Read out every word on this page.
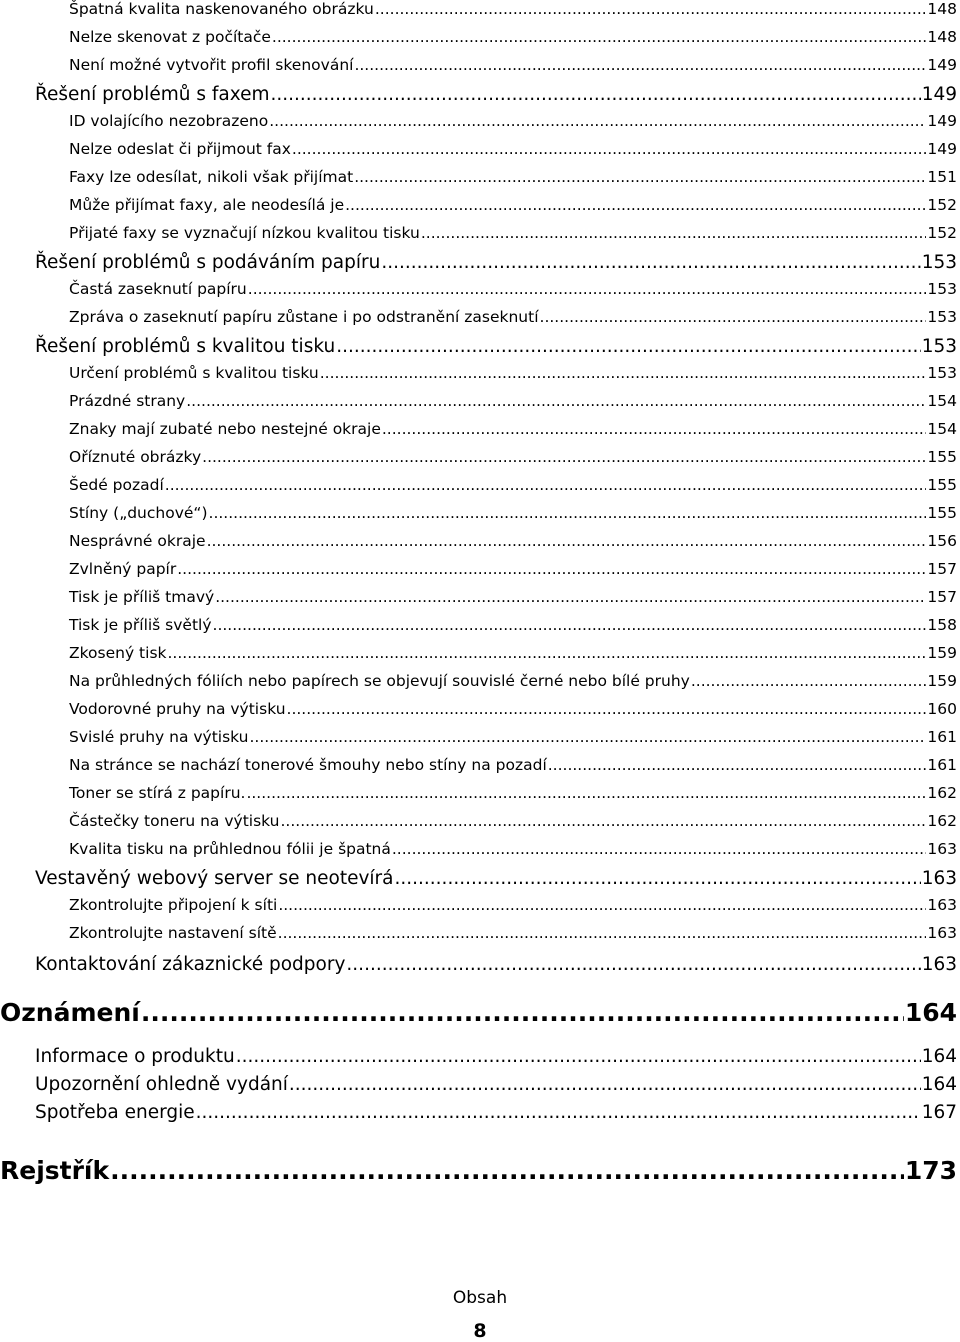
Špatná kvalita naskenovaného obrázku .....	148
Nelze skenovat z počítače .....	148
Není možné vytvořit profil skenování .....	149
Řešení problémů s faxem .....	149
ID volajícího nezobrazeno .....	149
Nelze odeslat či přijmout fax .....	149
Faxy lze odesílat, nikoli však přijímat .....	151
Může přijímat faxy, ale neodesílá je .....	152
Přijaté faxy se vyznačují nízkou kvalitou tisku .....	152
Řešení problémů s podáváním papíru .....	153
Častá zaseknutí papíru .....	153
Zpráva o zaseknutí papíru zůstane i po odstranění zaseknutí .....	153
Řešení problémů s kvalitou tisku .....	153
Určení problémů s kvalitou tisku .....	153
Prázdné strany .....	154
Znaky mají zubaté nebo nestejné okraje .....	154
Oříznuté obrázky .....	155
Šedé pozadí .....	155
Stíny („duchové“) .....	155
Nesprávné okraje .....	156
Zvlněný papír .....	157
Tisk je příliš tmavý .....	157
Tisk je příliš světlý .....	158
Zkosený tisk .....	159
Na průhledných fóliích nebo papírech se objevují souvislé černé nebo bílé pruhy .....	159
Vodorovné pruhy na výtisku .....	160
Svislé pruhy na výtisku .....	161
Na stránce se nachází tonerové šmouhy nebo stíny na pozadí .....	161
Toner se stírá z papíru. .....	162
Částečky toneru na výtisku .....	162
Kvalita tisku na průhlednou fólii je špatná .....	163
Vestavěný webový server se neotevírá .....	163
Zkontrolujte připojení k síti .....	163
Zkontrolujte nastavení sítě .....	163
Kontaktování zákaznické podpory .....	163
Oznámení .....	164
Informace o produktu .....	164
Upozornění ohledně vydání .....	164
Spotřeba energie .....	167
Rejstřík .....	173
Obsah
8
